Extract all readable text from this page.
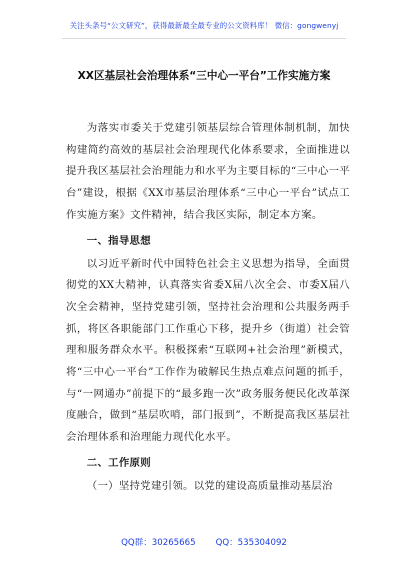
关注头条号“公文研究”，获得最新最全最专业的公文资料库！ 微信：gongwenyj
XX区基层社会治理体系“三中心一平台”工作实施方案

为落实市委关于党建引领基层综合管理体制机制，加快构建简约高效的基层社会治理现代化体系要求，全面推进以提升我区基层社会治理能力和水平为主要目标的“三中心一平台”建设，根据《XX市基层治理体系“三中心一平台”试点工作实施方案》文件精神，结合我区实际，制定本方案。

一、指导思想

以习近平新时代中国特色社会主义思想为指导，全面贯彻党的XX大精神，认真落实省委X届八次全会、市委X届八次全会精神，坚持党建引领，坚持社会治理和公共服务两手抓，将区各职能部门工作重心下移，提升乡（街道）社会管理和服务群众水平。积极探索“互联网+社会治理”新模式，将“三中心一平台”工作作为破解民生热点难点问题的抓手，与“一网通办”前提下的“最多跑一次”政务服务便民化改革深度融合，做到“基层吹哨，部门报到”，不断提高我区基层社会治理体系和治理能力现代化水平。

二、工作原则

（一）坚持党建引领。以党的建设高质量推动基层治

QQ群：30265665 QQ：535304092
